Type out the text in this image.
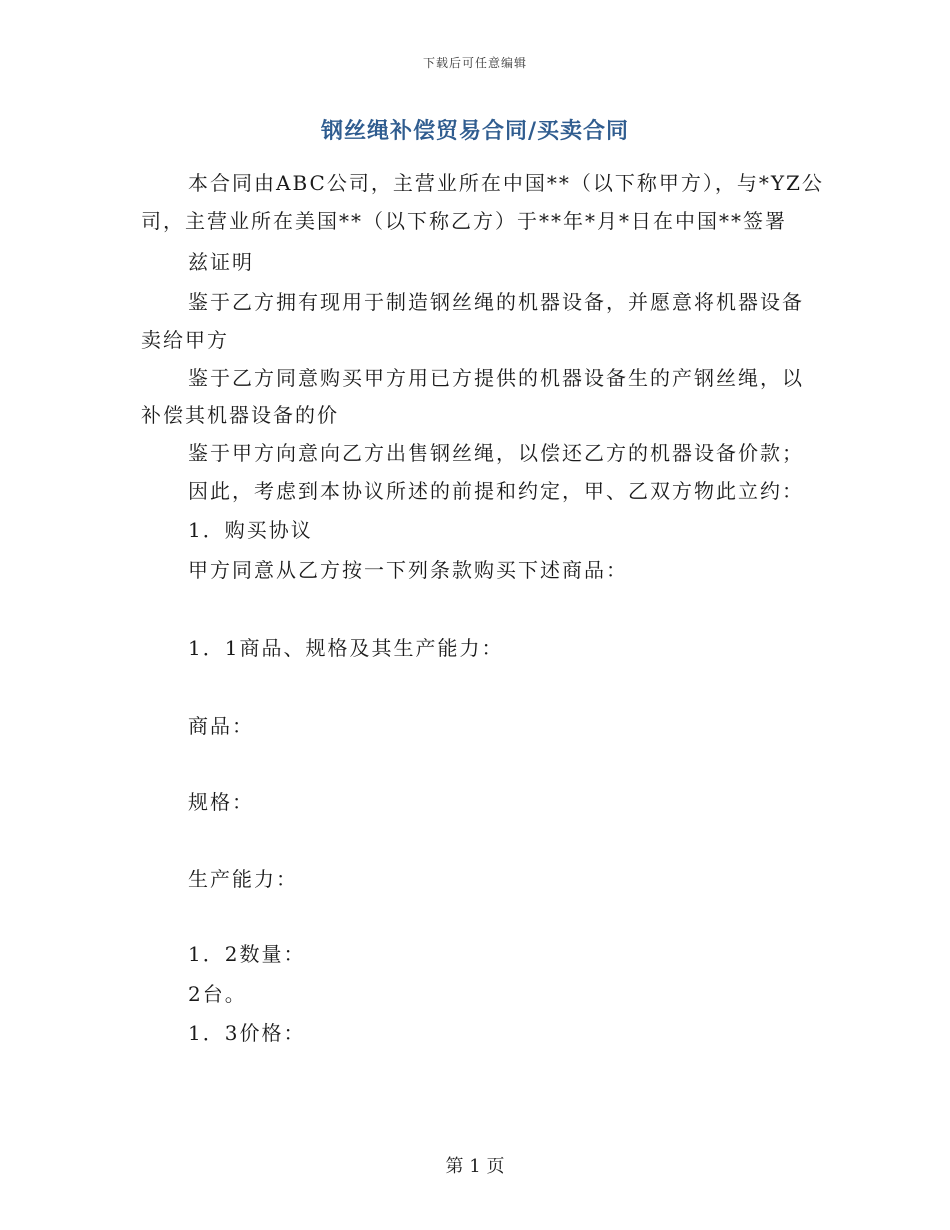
下载后可任意编辑
钢丝绳补偿贸易合同/买卖合同
本合同由ABC公司，主营业所在中国**（以下称甲方），与*YZ公
司，主营业所在美国**（以下称乙方）于**年*月*日在中国**签署
兹证明
鉴于乙方拥有现用于制造钢丝绳的机器设备，并愿意将机器设备
卖给甲方
鉴于乙方同意购买甲方用已方提供的机器设备生的产钢丝绳，以
补偿其机器设备的价
鉴于甲方向意向乙方出售钢丝绳，以偿还乙方的机器设备价款；
因此，考虑到本协议所述的前提和约定，甲、乙双方物此立约：
1．购买协议
甲方同意从乙方按一下列条款购买下述商品：
1．1商品、规格及其生产能力：
商品：
规格：
生产能力：
1．2数量：
2台。
1．3价格：
第 1 页
